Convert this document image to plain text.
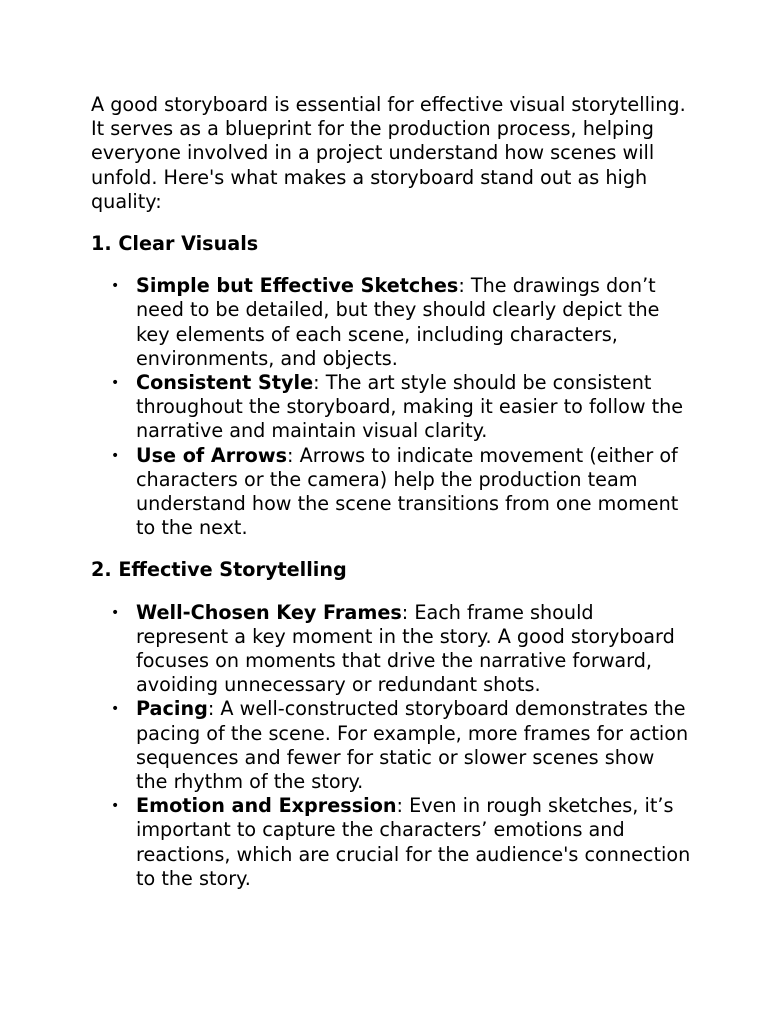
A good storyboard is essential for effective visual storytelling. It serves as a blueprint for the production process, helping everyone involved in a project understand how scenes will unfold. Here's what makes a storyboard stand out as high quality:

1. Clear Visuals
• Simple but Effective Sketches: The drawings don’t need to be detailed, but they should clearly depict the key elements of each scene, including characters, environments, and objects.
• Consistent Style: The art style should be consistent throughout the storyboard, making it easier to follow the narrative and maintain visual clarity.
• Use of Arrows: Arrows to indicate movement (either of characters or the camera) help the production team understand how the scene transitions from one moment to the next.
2. Effective Storytelling
• Well-Chosen Key Frames: Each frame should represent a key moment in the story. A good storyboard focuses on moments that drive the narrative forward, avoiding unnecessary or redundant shots.
• Pacing: A well-constructed storyboard demonstrates the pacing of the scene. For example, more frames for action sequences and fewer for static or slower scenes show the rhythm of the story.
• Emotion and Expression: Even in rough sketches, it’s important to capture the characters’ emotions and reactions, which are crucial for the audience's connection to the story.
